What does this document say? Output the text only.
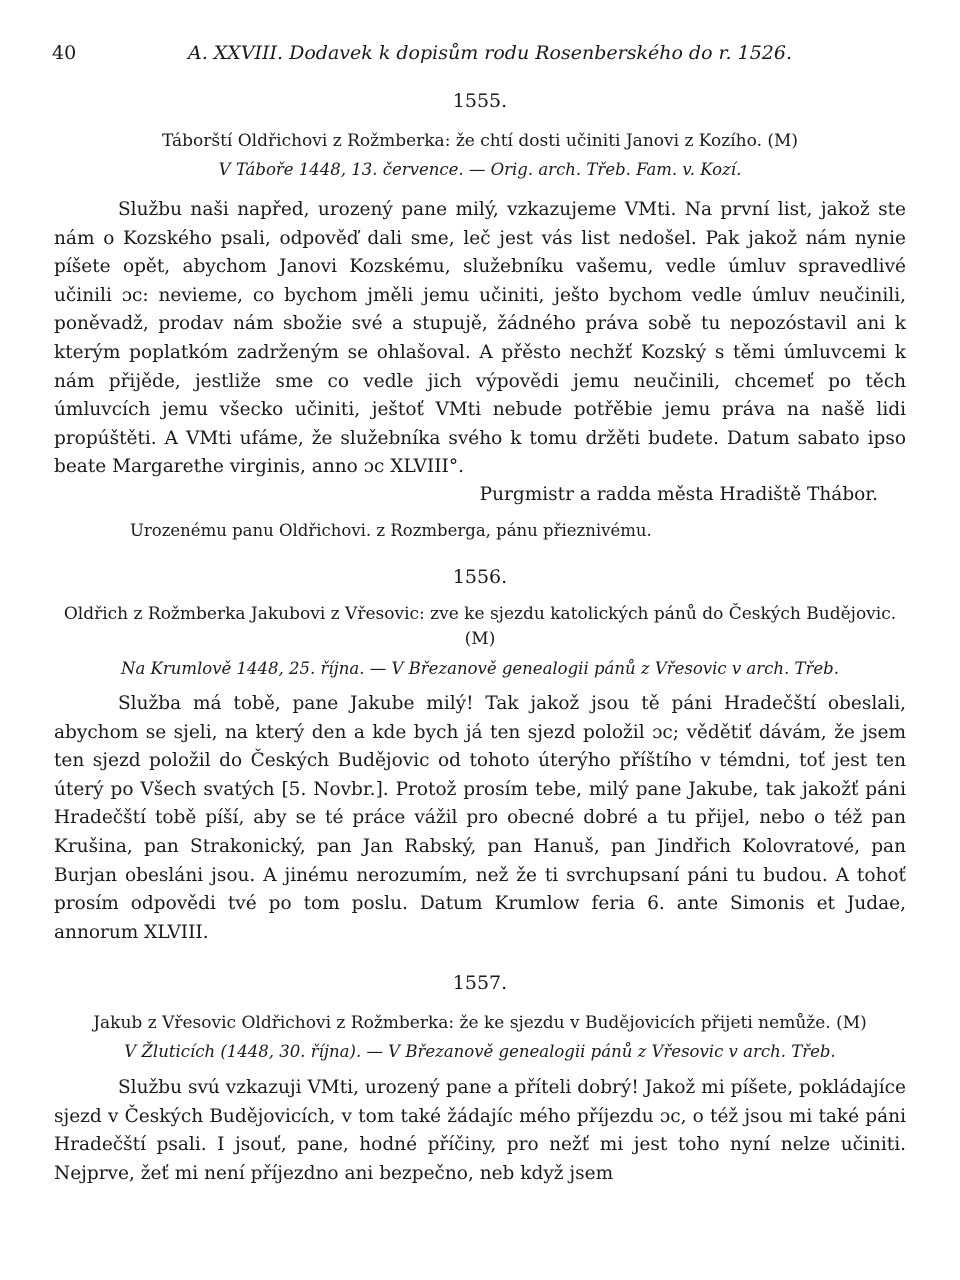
40	A. XXVIII. Dodavek k dopisům rodu Rosenberského do r. 1526.
1555.
Táborští Oldřichovi z Rožmberka: že chtí dosti učiniti Janovi z Kozího. (M)
V Táboře 1448, 13. července. — Orig. arch. Třeb. Fam. v. Kozí.

Službu naši napřed, urozený pane milý, vzkazujeme VMti. Na první list, jakož ste nám o Kozského psali, odpověď dali sme, leč jest vás list nedošel. Pak jakož nám nynie píšete opět, abychom Janovi Kozskému, služebníku vašemu, vedle úmluv spravedlivé učinili ɔc: nevieme, co bychom jměli jemu učiniti, ješto bychom vedle úmluv neučinili, poněvadž, prodav nám sbožie své a stupujě, žádného práva sobě tu nepozóstavil ani k kterým poplatkóm zadrženým se ohlašoval. A přěsto nechžť Kozský s těmi úmluvcemi k nám přijěde, jestliže sme co vedle jich výpovědi jemu neučinili, chcemeť po těch úmluvcích jemu všecko učiniti, ještoť VMti nebude potřěbie jemu práva na našě lidi propúštěti. A VMti ufáme, že služebníka svého k tomu držěti budete. Datum sabato ipso beate Margarethe virginis, anno ɔc XLVIII°.

Purgmistr a radda města Hradiště Thábor.
Urozenému panu Oldřichovi. z Rozmberga, pánu přieznivému.
1556.
Oldřich z Rožmberka Jakubovi z Vřesovic: zve ke sjezdu katolických pánů do Českých Budějovic. (M)
Na Krumlově 1448, 25. října. — V Březanově genealogii pánů z Vřesovic v arch. Třeb.

Služba má tobě, pane Jakube milý! Tak jakož jsou tě páni Hradečští obeslali, abychom se sjeli, na který den a kde bych já ten sjezd položil ɔc; vědětiť dávám, že jsem ten sjezd položil do Českých Budějovic od tohoto úterýho příštího v témdni, toť jest ten úterý po Všech svatých [5. Novbr.]. Protož prosím tebe, milý pane Jakube, tak jakožť páni Hradečští tobě píší, aby se té práce vážil pro obecné dobré a tu přijel, nebo o též pan Krušina, pan Strakonický, pan Jan Rabský, pan Hanuš, pan Jindřich Kolovratové, pan Burjan obesláni jsou. A jinému nerozumím, než že ti svrchupsaní páni tu budou. A tohoť prosím odpovědi tvé po tom poslu. Datum Krumlow feria 6. ante Simonis et Judae, annorum XLVIII.

1557.
Jakub z Vřesovic Oldřichovi z Rožmberka: že ke sjezdu v Budějovicích přijeti nemůže. (M)
V Žluticích (1448, 30. října). — V Březanově genealogii pánů z Vřesovic v arch. Třeb.

Službu svú vzkazuji VMti, urozený pane a příteli dobrý! Jakož mi píšete, pokládajíce sjezd v Českých Budějovicích, v tom také žádajíc mého příjezdu ɔc, o též jsou mi také páni Hradečští psali. I jsouť, pane, hodné příčiny, pro nežť mi jest toho nyní nelze učiniti. Nejprve, žeť mi není příjezdno ani bezpečno, neb když jsem
